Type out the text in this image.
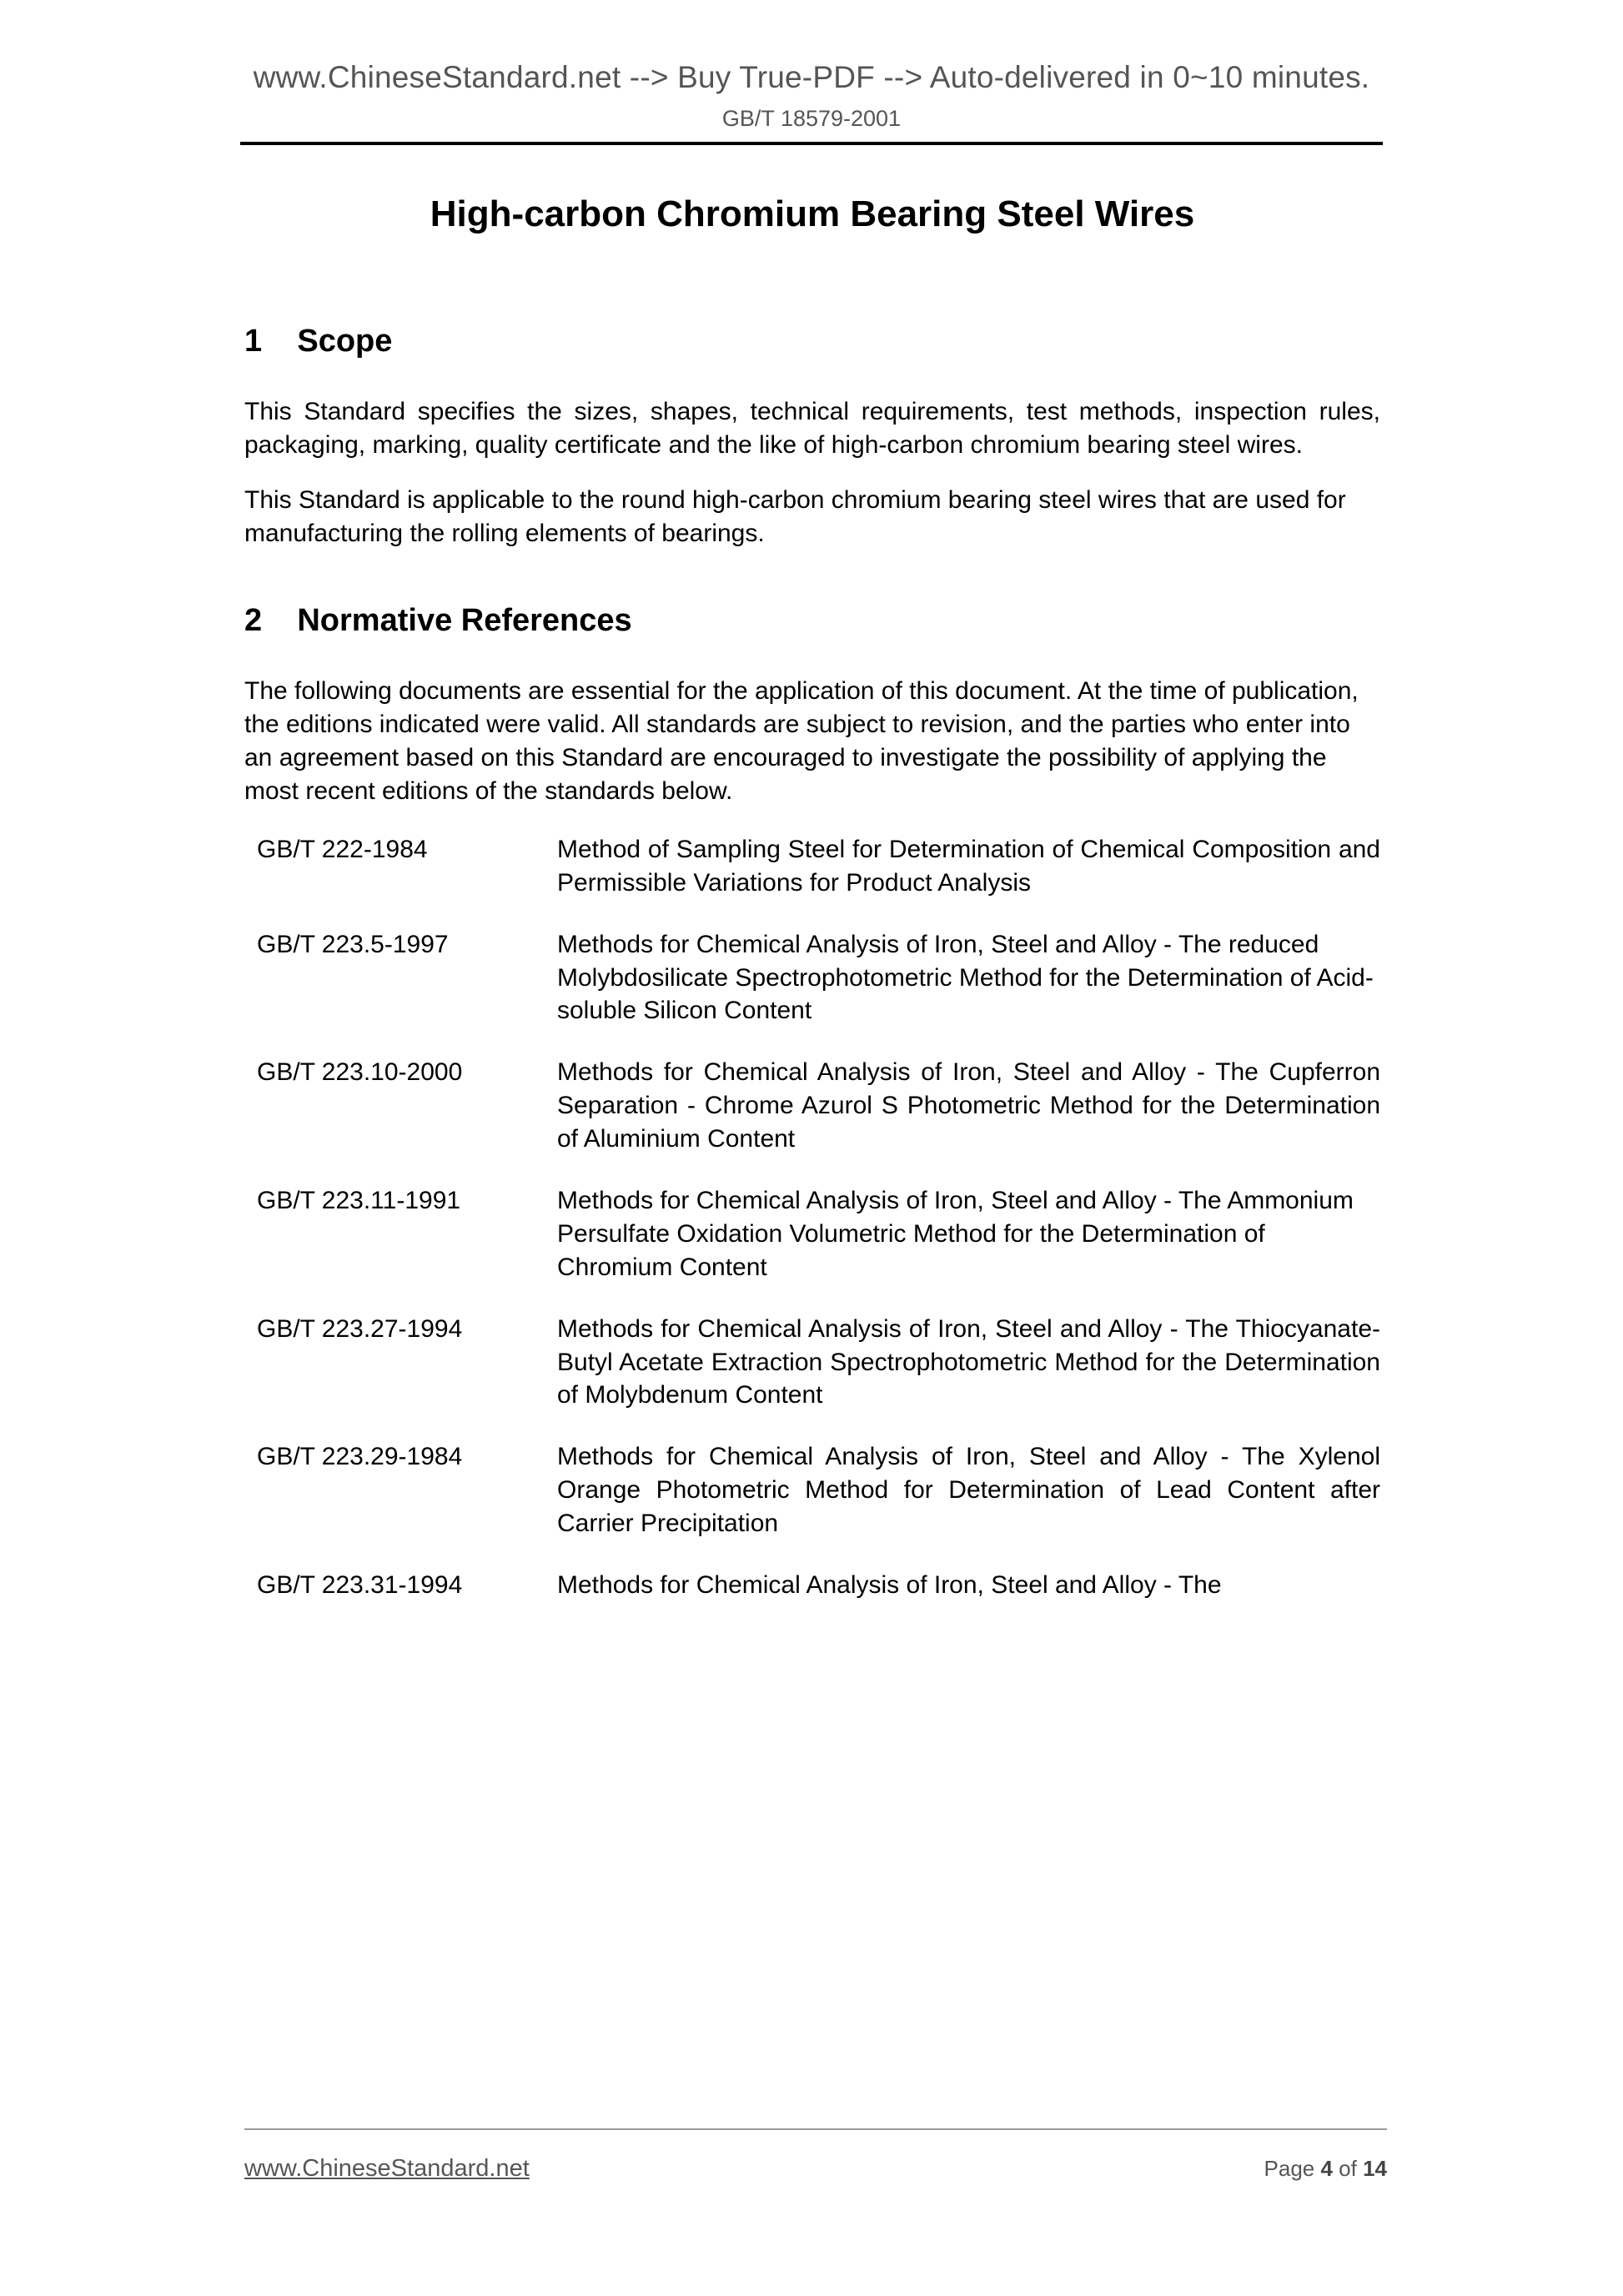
www.ChineseStandard.net --> Buy True-PDF --> Auto-delivered in 0~10 minutes.
GB/T 18579-2001
High-carbon Chromium Bearing Steel Wires
1    Scope

This Standard specifies the sizes, shapes, technical requirements, test methods, inspection rules, packaging, marking, quality certificate and the like of high-carbon chromium bearing steel wires.

This Standard is applicable to the round high-carbon chromium bearing steel wires that are used for manufacturing the rolling elements of bearings.

2    Normative References

The following documents are essential for the application of this document. At the time of publication, the editions indicated were valid. All standards are subject to revision, and the parties who enter into an agreement based on this Standard are encouraged to investigate the possibility of applying the most recent editions of the standards below.

GB/T 222-1984	Method of Sampling Steel for Determination of Chemical Composition and Permissible Variations for Product Analysis
GB/T 223.5-1997	Methods for Chemical Analysis of Iron, Steel and Alloy - The reduced Molybdosilicate Spectrophotometric Method for the Determination of Acid-soluble Silicon Content
GB/T 223.10-2000	Methods for Chemical Analysis of Iron, Steel and Alloy - The Cupferron Separation - Chrome Azurol S Photometric Method for the Determination of Aluminium Content
GB/T 223.11-1991	Methods for Chemical Analysis of Iron, Steel and Alloy - The Ammonium Persulfate Oxidation Volumetric Method for the Determination of Chromium Content
GB/T 223.27-1994	Methods for Chemical Analysis of Iron, Steel and Alloy - The Thiocyanate-Butyl Acetate Extraction Spectrophotometric Method for the Determination of Molybdenum Content
GB/T 223.29-1984	Methods for Chemical Analysis of Iron, Steel and Alloy - The Xylenol Orange Photometric Method for Determination of Lead Content after Carrier Precipitation
GB/T 223.31-1994	Methods for Chemical Analysis of Iron, Steel and Alloy - The
www.ChineseStandard.net	Page 4 of 14
